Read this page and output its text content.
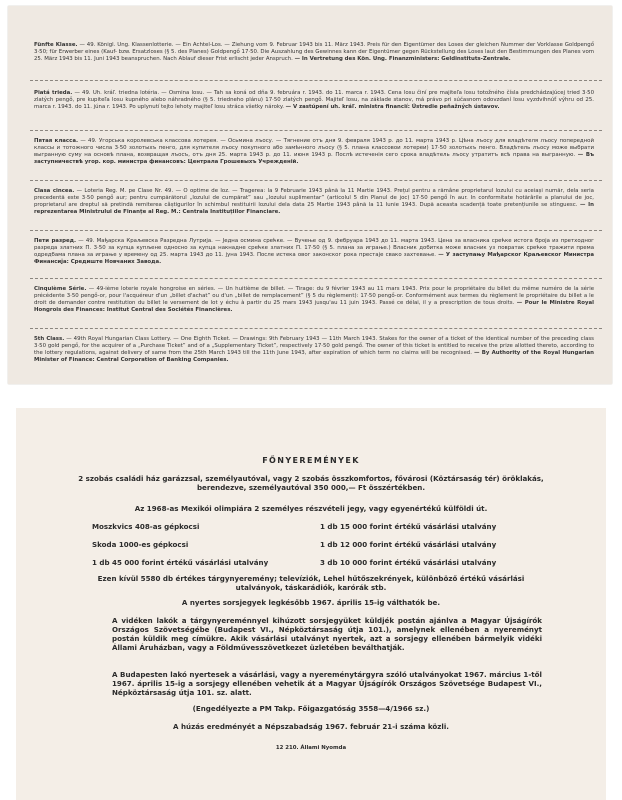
Fünfte Klasse. — 49. Königl. Ung. Klassenlotterie. — Ein Achtel-Los. — Ziehung vom 9. Februar 1943 bis 11. März 1943. Preis für den Eigentümer des Loses der gleichen Nummer der Vorklasse Goldpengő 3·50; für Erwerber eines (Kauf- bzw. Ersatzloses (§ 5. des Planes) Goldpengő 17·50. Die Auszahlung des Gewinnes kann der Eigentümer gegen Rückstellung des Loses laut den Bestimmungen des Planes vom 25. März 1943 bis 11. Juni 1943 beanspruchen. Nach Ablauf dieser Frist erlischt jeder Anspruch. — In Vertretung des Kön. Ung. Finanzministers: Geldinstituts-Zentrale.
Piatá trieda. — 49. Uh. kráľ. triedna lotéria. — Osmina losu. — Tah sa koná od dňa 9. februára r. 1943. do 11. marca r. 1943. Cena losu činí pre majiteľa losu totožného čísla predchádzajúcej tried 3·50 zlatých pengő, pre kupiteľa losu kupného alebo náhradného (§ 5. triedneho plánu) 17·50 zlatých pengő. Majiteľ losu, na základe stanov, má právo pri súčasnom odovzdaní losu vyzdvihnúť výhru od 25. marca r. 1943. do 11. júna r. 1943. Po uplynutí tejto lehoty majiteľ losu stráca všetky nároky. — V zastúpení uh. kráľ. ministra financií: Ústredie peňažných ústavov.
Пятая класса. — 49. Угорська королевська классова лотерея. — Осьмина лъосу. — Тягнение отъ дня 9. февраля 1943 р. до 11. марта 1943 р. Цѣна лъосу для владѣтеля лъосу попередной классы и тотожного числа 3·50 золотыхъ пенго, для купителя лъосу покупного або замѣнного лъосу (§ 5. плана классовои лотереи) 17·50 золотыхъ пенго. Владѣтель лъосу може выбрати выгранную суму на основѣ плана, возвращая лъосъ, отъ дня 25. марта 1943 р. до 11. июня 1943 р. Послѣ истеченія сего срока владѣтель лъосу утратитъ всѣ права на выгранную. — Въ заступничествѣ угор. кор. министра финансовъ: Централа Грошевыхъ Учрежденій.
Clasa cincea. — Loteria Reg. M. pe Clase Nr. 49. — O optime de loz. — Tragerea: la 9 Februarie 1943 până la 11 Martie 1943. Prețul pentru a rămâne proprietarul lozului cu aceiași număr, dela seria precedentă este 3·50 pengő aur; pentru cumpărătorul „lozului de cumpărat” sau „lozului suplimentar” (articolul 5 din Planul de joc) 17·50 pengő în aur. In conformitate hotărârile a planului de joc, proprietarul are dreptul să pretindă remiterea câștigurilor în schimbul restituirii lozului dela data 25 Martie 1943 până la 11 Iunie 1943. După aceasta scadență toate pretențiunile se stinguesc. — In reprezentarea Ministrului de Finanțe al Reg. M.: Centrala Instituțiilor Financiare.
Пети разред. — 49. Мађарска Краљевска Разредна Лутрија. — Једна осмина срећке. — Вучење од 9. фебруара 1943 до 11. марта 1943. Цена за власника срећке истога броја из претходног разреда златних П. 3·50 за купца купљене односно за купца накнадне срећке златних П. 17·50 (§ 5. плана за играње.) Власник добитка може власник уз повратак срећке тражити према одредбама плана за играње у времену од 25. марта 1943 до 11. јуна 1943. После истека овог законског рока престаје свако захтевање. — У заступању Мађарског Краљевског Министра Финансија: Средиште Новчаних Завода.
Cinquième Série. — 49-ième loterie royale hongroise en séries. — Un huitième de billet. — Tirage: du 9 février 1943 au 11 mars 1943. Prix pour le propriétaire du billet du même numéro de la série précédente 3·50 pengő-or, pour l'acquéreur d'un „billet d'achat” ou d'un „billet de remplacement” (§ 5 du règlement): 17·50 pengő-or. Conformément aux termes du règlement le propriétaire du billet a le droit de demander contre restitution du billet le versement de lot y échu à partir du 25 mars 1943 jusqu'au 11 juin 1943. Passé ce délai, il y a prescription de tous droits. — Pour le Ministre Royal Hongrois des Finances: Institut Central des Sociétés Financières.
5th Class. — 49th Royal Hungarian Class Lottery. — One Eighth Ticket. — Drawings: 9th February 1943 — 11th March 1943. Stakes for the owner of a ticket of the identical number of the preceding class 3·50 gold pengő, for the acquirer of a „Purchase Ticket” and of a „Supplementary Ticket”, respectively 17·50 gold pengő. The owner of this ticket is entitled to receive the prize allotted thereto, according to the lottery regulations, against delivery of same from the 25th March 1943 till the 11th June 1943, after expiration of which term no claims will be recognised. — By Authority of the Royal Hungarian Minister of Finance: Central Corporation of Banking Companies.
FŐNYEREMÉNYEK
2 szobás családi ház garázzsal, személyautóval, vagy 2 szobás összkomfortos, fővárosi (Köztársaság tér) öröklakás, berendezve, személyautóval 350 000,— Ft összértékben.
Az 1968-as Mexikói olimpiára 2 személyes részvételi jegy, vagy egyenértékű külföldi út.
Moszkvics 408-as gépkocsi	1 db 15 000 forint értékű vásárlási utalvány
Skoda 1000-es gépkocsi	1 db 12 000 forint értékű vásárlási utalvány
1 db 45 000 forint értékű vásárlási utalvány	3 db 10 000 forint értékű vásárlási utalvány
Ezen kívül 5580 db értékes tárgynyeremény; televíziók, Lehel hűtőszekrények, különböző értékű vásárlási utalványok, táskarádiók, karórák stb.
A nyertes sorsjegyek legkésőbb 1967. április 15-ig válthatók be.
A vidéken lakók a tárgynyereménnyel kihúzott sorsjegyüket küldjék postán ajánlva a Magyar Újságírók Országos Szövetségébe (Budapest VI., Népköztársaság útja 101.), amelynek ellenében a nyereményt postán küldik meg címükre. Akik vásárlási utalványt nyertek, azt a sorsjegy ellenében bármelyik vidéki Állami Áruházban, vagy a Földművesszövetkezet üzletében beválthatják.
A Budapesten lakó nyertesek a vásárlási, vagy a nyereménytárgyra szóló utalványokat 1967. március 1-től 1967. április 15-ig a sorsjegy ellenében vehetik át a Magyar Újságírók Országos Szövetsége Budapest VI., Népköztársaság útja 101. sz. alatt.
(Engedélyezte a PM Takp. Főigazgatóság 3558—4/1966 sz.)
A húzás eredményét a Népszabadság 1967. február 21-i száma közli.
12 210. Állami Nyomda
